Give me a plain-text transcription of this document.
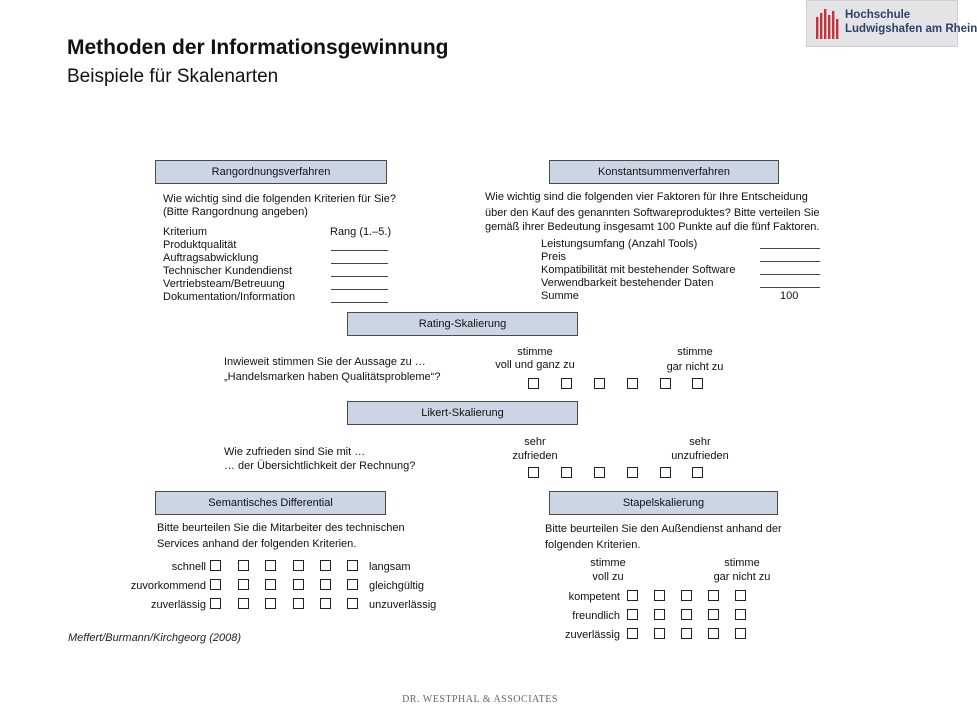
Methoden der Informationsgewinnung
Beispiele für Skalenarten
Hochschule
Ludwigshafen am Rhein
Rangordnungsverfahren
Wie wichtig sind die folgenden Kriterien für Sie?
(Bitte Rangordnung angeben)
Kriterium	Rang (1.–5.)
Produktqualität
Auftragsabwicklung
Technischer Kundendienst
Vertriebsteam/Betreuung
Dokumentation/Information
Konstantsummenverfahren
Wie wichtig sind die folgenden vier Faktoren für Ihre Entscheidung
über den Kauf des genannten Softwareproduktes? Bitte verteilen Sie
gemäß ihrer Bedeutung insgesamt 100 Punkte auf die fünf Faktoren.
Leistungsumfang (Anzahl Tools)
Preis
Kompatibilität mit bestehender Software
Verwendbarkeit bestehender Daten
Summe	100
Rating-Skalierung
Inwieweit stimmen Sie der Aussage zu …
„Handelsmarken haben Qualitätsprobleme“?
stimme
voll und ganz zu
stimme
gar nicht zu
Likert-Skalierung
Wie zufrieden sind Sie mit …
… der Übersichtlichkeit der Rechnung?
sehr
zufrieden
sehr
unzufrieden
Semantisches Differential
Bitte beurteilen Sie die Mitarbeiter des technischen
Services anhand der folgenden Kriterien.
schnell
zuvorkommend
zuverlässig
langsam
gleichgültig
unzuverlässig
Stapelskalierung
Bitte beurteilen Sie den Außendienst anhand der
folgenden Kriterien.
stimme
voll zu
stimme
gar nicht zu
kompetent
freundlich
zuverlässig
Meffert/Burmann/Kirchgeorg (2008)
DR. WESTPHAL & ASSOCIATES
